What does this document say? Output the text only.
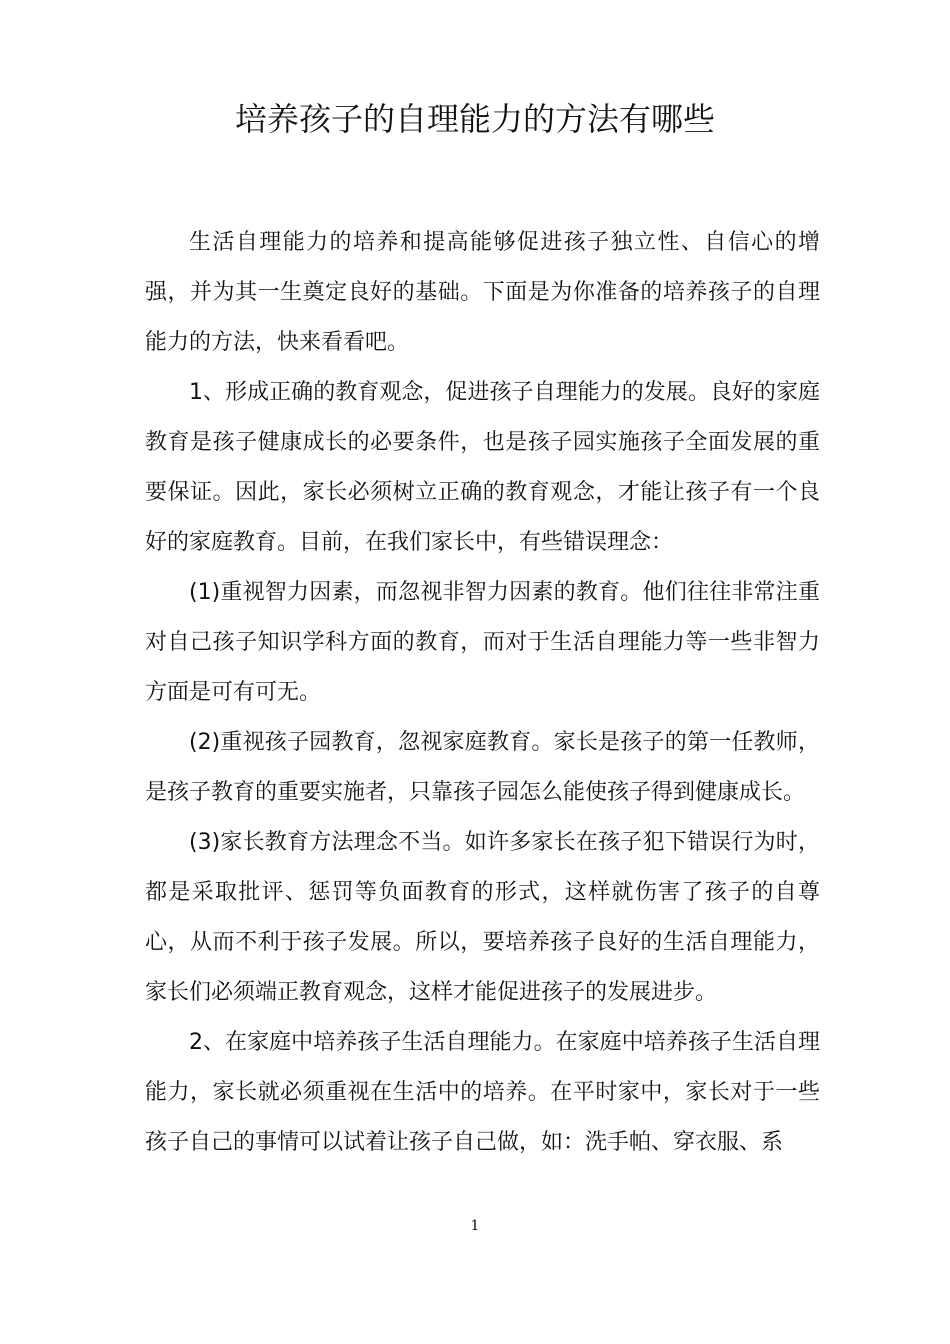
培养孩子的自理能力的方法有哪些

生活自理能力的培养和提高能够促进孩子独立性、自信心的增强，并为其一生奠定良好的基础。下面是为你准备的培养孩子的自理能力的方法，快来看看吧。

1、形成正确的教育观念，促进孩子自理能力的发展。良好的家庭教育是孩子健康成长的必要条件，也是孩子园实施孩子全面发展的重要保证。因此，家长必须树立正确的教育观念，才能让孩子有一个良好的家庭教育。目前，在我们家长中，有些错误理念：

(1)重视智力因素，而忽视非智力因素的教育。他们往往非常注重对自己孩子知识学科方面的教育，而对于生活自理能力等一些非智力方面是可有可无。

(2)重视孩子园教育，忽视家庭教育。家长是孩子的第一任教师，是孩子教育的重要实施者，只靠孩子园怎么能使孩子得到健康成长。

(3)家长教育方法理念不当。如许多家长在孩子犯下错误行为时，都是采取批评、惩罚等负面教育的形式，这样就伤害了孩子的自尊心，从而不利于孩子发展。所以，要培养孩子良好的生活自理能力，家长们必须端正教育观念，这样才能促进孩子的发展进步。

2、在家庭中培养孩子生活自理能力。在家庭中培养孩子生活自理能力，家长就必须重视在生活中的培养。在平时家中，家长对于一些孩子自己的事情可以试着让孩子自己做，如：洗手帕、穿衣服、系

1
